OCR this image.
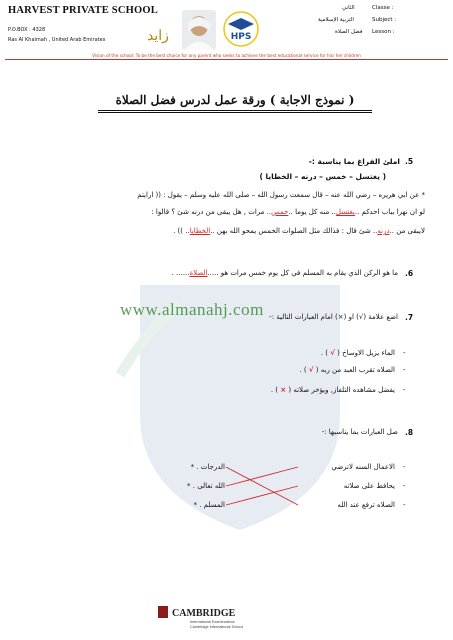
HARVEST PRIVATE SCHOOL
P.O.BOX : 4328
Ras Al Khaimah , United Arab Emirates	زايد	HPS
Classe :
الثاني
Subject :
التربية الإسلامية
Lesson :
فضل الصلاة
Vision of the school: To be the best choice for any parent who seeks to achieve the best educational service for his/ her children
( نموذج الاجابة ) ورقة عمل لدرس فضل الصلاة
.5
املئ الفراغ بما يناسبة :-
( يغتسل – خمس – درنه – الخطايا )
* عن ابي هريره – رضي الله عنه – قال سمعت رسول الله – صلى الله عليه وسلم – يقول : (( ارايتم
لو ان نهرا بباب احدكم ..يغتسل.. منه كل يوما ..خمس.. مرات , هل يبقى من درنه شئ ؟ قالوا :
لايبقى من ..درنه.. شئ قال : فذالك مثل الصلوات الخمس يمحو الله بهن ..الخطايا.. )) .
.6
ما هو الركن الذي يقام به المسلم في كل يوم خمس مرات هو .....الصلاة...... .
www.almanahj.com	.7
اضع علامة (√) او (×) امام العبارات التالية :-
-
الماء يزيل الاوساخ ( √ ) .
-
الصلاه تقرب العبد من ربه ( √ ) .
-
يفضل مشاهده التلفاز, ويؤخر صلاته ( × ) .
.8
صل العبارات بما يناسبها :-
-
الاعمال السنه لاترضي
-
يحافظ على صلاته
-
الصلاه ترفع عند الله
الدرجات . *
الله تعالى . *
المسلم . *
CAMBRIDGE
International Examinations
Cambridge International School
